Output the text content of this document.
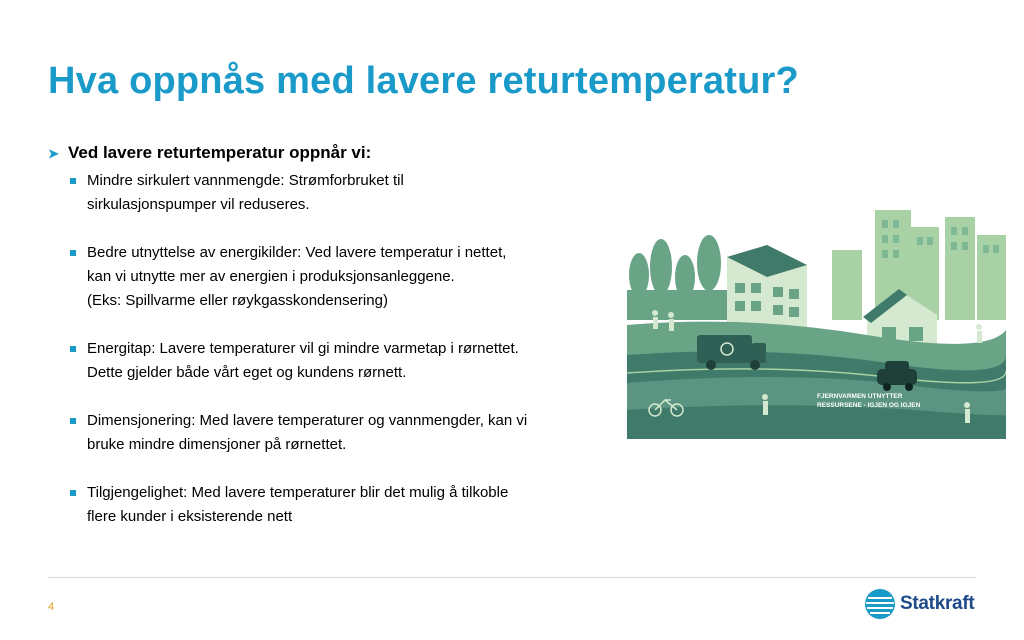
Hva oppnås med lavere returtemperatur?
➤ Ved lavere returtemperatur oppnår vi:
Mindre sirkulert vannmengde: Strømforbruket til
sirkulasjonspumper vil reduseres.
Bedre utnyttelse av energikilder: Ved lavere temperatur i nettet,
kan vi utnytte mer av energien i produksjonsanleggene.
(Eks: Spillvarme eller røykgasskondensering)
Energitap: Lavere temperaturer vil gi mindre varmetap i rørnettet.
Dette gjelder både vårt eget og kundens rørnett.
Dimensjonering: Med lavere temperaturer og vannmengder, kan vi
bruke mindre dimensjoner på rørnettet.
Tilgjengelighet: Med lavere temperaturer blir det mulig å tilkoble
flere kunder i eksisterende nett
FJERNVARMEN UTNYTTER
RESSURSENE - IGJEN OG IGJEN
4	Statkraft
